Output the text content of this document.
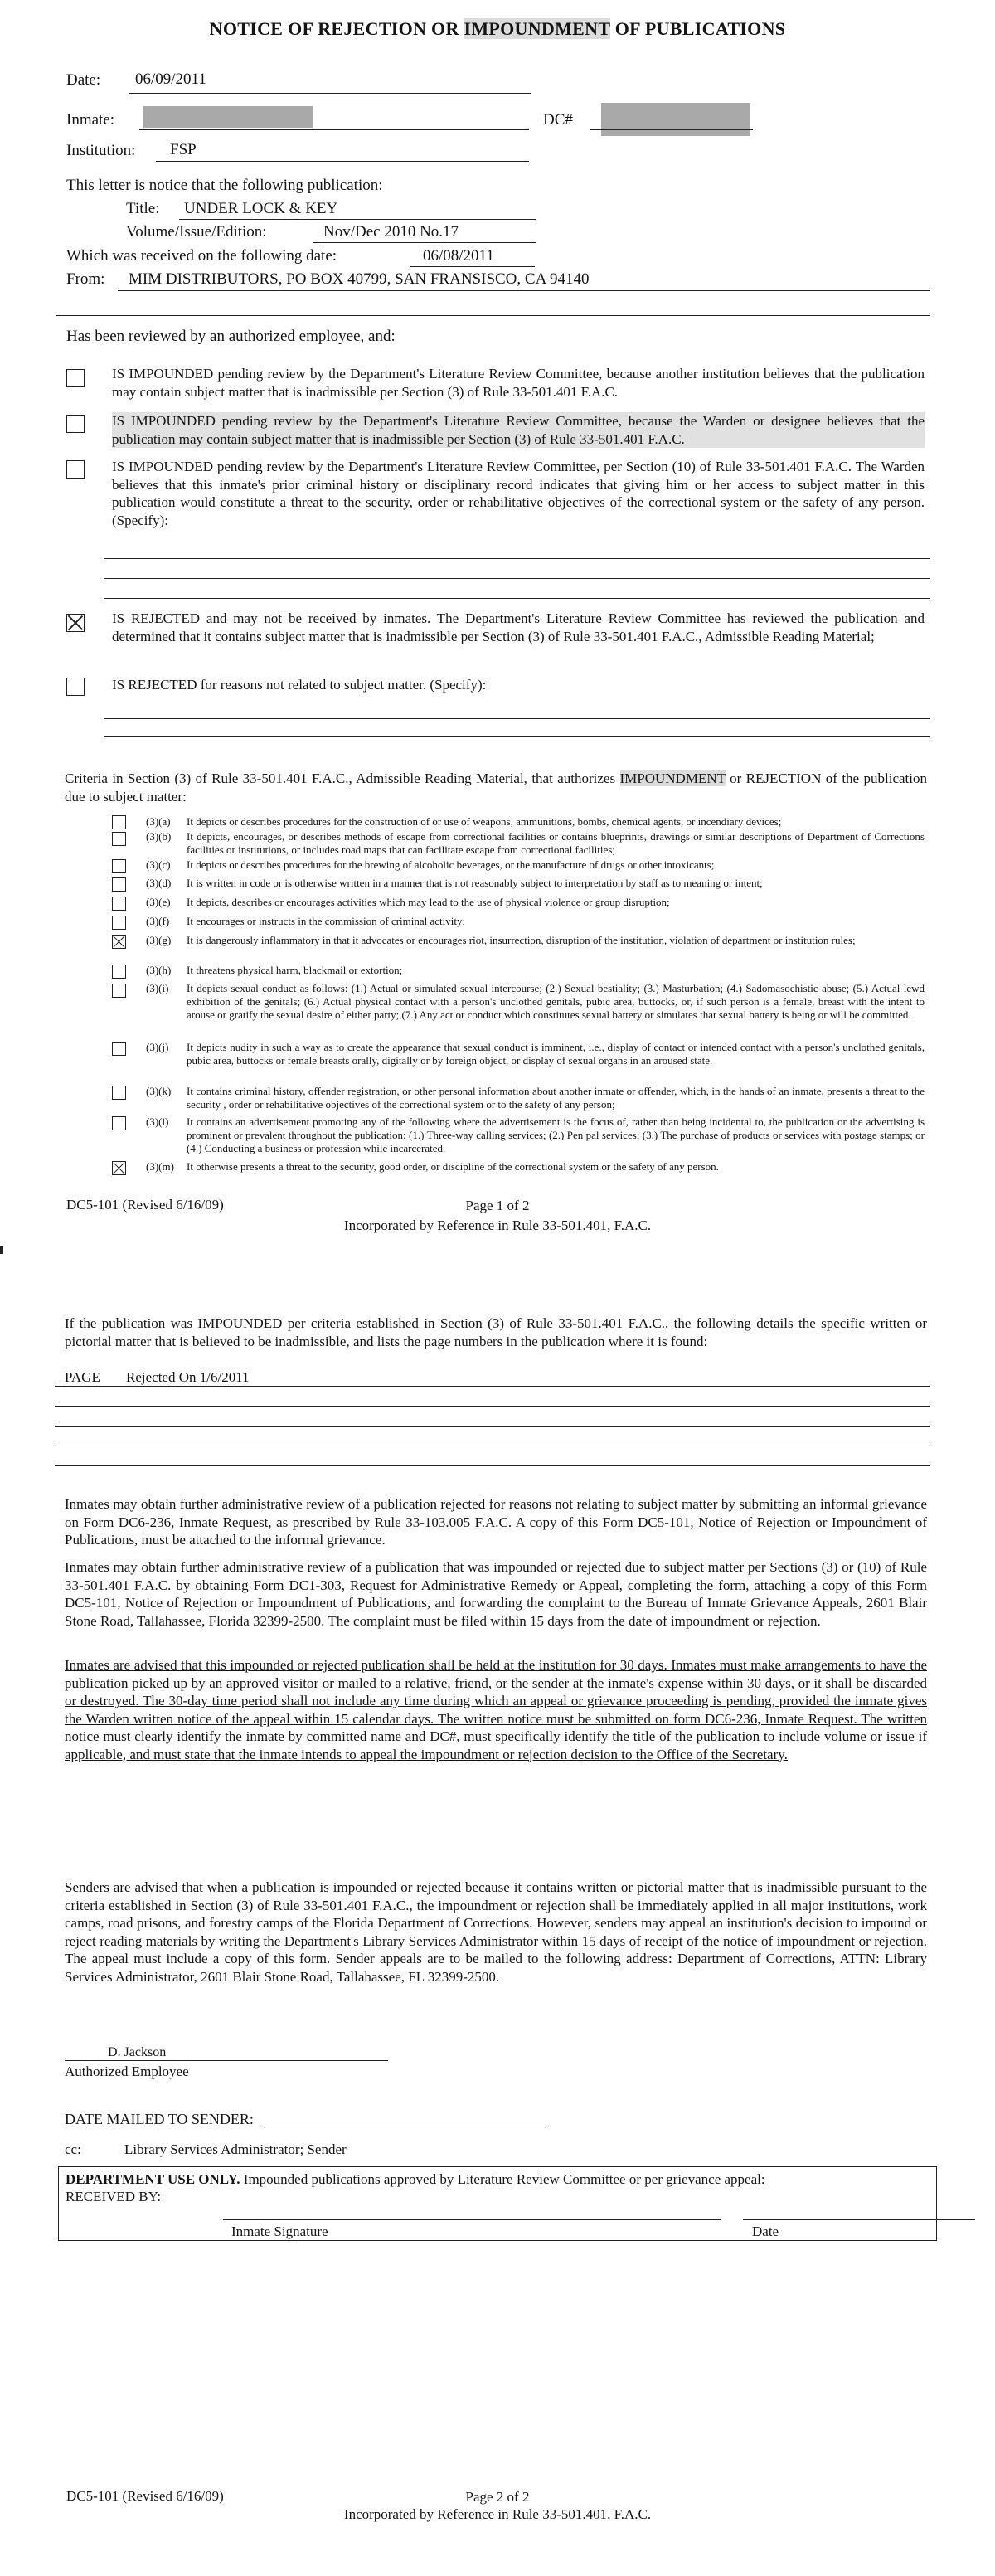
NOTICE OF REJECTION OR IMPOUNDMENT OF PUBLICATIONS
Date: 06/09/2011
Inmate:	DC#
Institution: FSP
This letter is notice that the following publication:
Title: UNDER LOCK & KEY
Volume/Issue/Edition:	Nov/Dec 2010 No.17
Which was received on the following date:	06/08/2011
From: MIM DISTRIBUTORS, PO BOX 40799, SAN FRANSISCO, CA 94140
Has been reviewed by an authorized employee, and:
IS IMPOUNDED pending review by the Department's Literature Review Committee, because another institution believes that the publication may contain subject matter that is inadmissible per Section (3) of Rule 33-501.401 F.A.C.
IS IMPOUNDED pending review by the Department's Literature Review Committee, because the Warden or designee believes that the publication may contain subject matter that is inadmissible per Section (3) of Rule 33-501.401 F.A.C.
IS IMPOUNDED pending review by the Department's Literature Review Committee, per Section (10) of Rule 33-501.401 F.A.C. The Warden believes that this inmate's prior criminal history or disciplinary record indicates that giving him or her access to subject matter in this publication would constitute a threat to the security, order or rehabilitative objectives of the correctional system or the safety of any person. (Specify):
IS REJECTED and may not be received by inmates. The Department's Literature Review Committee has reviewed the publication and determined that it contains subject matter that is inadmissible per Section (3) of Rule 33-501.401 F.A.C., Admissible Reading Material;
IS REJECTED for reasons not related to subject matter. (Specify):
Criteria in Section (3) of Rule 33-501.401 F.A.C., Admissible Reading Material, that authorizes IMPOUNDMENT or REJECTION of the publication due to subject matter:
(3)(a) It depicts or describes procedures for the construction of or use of weapons, ammunitions, bombs, chemical agents, or incendiary devices;
(3)(b) It depicts, encourages, or describes methods of escape from correctional facilities or contains blueprints, drawings or similar descriptions of Department of Corrections facilities or institutions, or includes road maps that can facilitate escape from correctional facilities;
(3)(c) It depicts or describes procedures for the brewing of alcoholic beverages, or the manufacture of drugs or other intoxicants;
(3)(d) It is written in code or is otherwise written in a manner that is not reasonably subject to interpretation by staff as to meaning or intent;
(3)(e) It depicts, describes or encourages activities which may lead to the use of physical violence or group disruption;
(3)(f) It encourages or instructs in the commission of criminal activity;
(3)(g) It is dangerously inflammatory in that it advocates or encourages riot, insurrection, disruption of the institution, violation of department or institution rules;
(3)(h) It threatens physical harm, blackmail or extortion;
(3)(i) It depicts sexual conduct as follows: (1.) Actual or simulated sexual intercourse; (2.) Sexual bestiality; (3.) Masturbation; (4.) Sadomasochistic abuse; (5.) Actual lewd exhibition of the genitals; (6.) Actual physical contact with a person's unclothed genitals, pubic area, buttocks, or, if such person is a female, breast with the intent to arouse or gratify the sexual desire of either party; (7.) Any act or conduct which constitutes sexual battery or simulates that sexual battery is being or will be committed.
(3)(j) It depicts nudity in such a way as to create the appearance that sexual conduct is imminent, i.e., display of contact or intended contact with a person's unclothed genitals, pubic area, buttocks or female breasts orally, digitally or by foreign object, or display of sexual organs in an aroused state.
(3)(k) It contains criminal history, offender registration, or other personal information about another inmate or offender, which, in the hands of an inmate, presents a threat to the security , order or rehabilitative objectives of the correctional system or to the safety of any person;
(3)(l) It contains an advertisement promoting any of the following where the advertisement is the focus of, rather than being incidental to, the publication or the advertising is prominent or prevalent throughout the publication: (1.) Three-way calling services; (2.) Pen pal services; (3.) The purchase of products or services with postage stamps; or (4.) Conducting a business or profession while incarcerated.
(3)(m) It otherwise presents a threat to the security, good order, or discipline of the correctional system or the safety of any person.
DC5-101 (Revised 6/16/09)	Page 1 of 2
Incorporated by Reference in Rule 33-501.401, F.A.C.
If the publication was IMPOUNDED per criteria established in Section (3) of Rule 33-501.401 F.A.C., the following details the specific written or pictorial matter that is believed to be inadmissible, and lists the page numbers in the publication where it is found:
PAGE Rejected On 1/6/2011
Inmates may obtain further administrative review of a publication rejected for reasons not relating to subject matter by submitting an informal grievance on Form DC6-236, Inmate Request, as prescribed by Rule 33-103.005 F.A.C. A copy of this Form DC5-101, Notice of Rejection or Impoundment of Publications, must be attached to the informal grievance.
Inmates may obtain further administrative review of a publication that was impounded or rejected due to subject matter per Sections (3) or (10) of Rule 33-501.401 F.A.C. by obtaining Form DC1-303, Request for Administrative Remedy or Appeal, completing the form, attaching a copy of this Form DC5-101, Notice of Rejection or Impoundment of Publications, and forwarding the complaint to the Bureau of Inmate Grievance Appeals, 2601 Blair Stone Road, Tallahassee, Florida 32399-2500. The complaint must be filed within 15 days from the date of impoundment or rejection.
Inmates are advised that this impounded or rejected publication shall be held at the institution for 30 days. Inmates must make arrangements to have the publication picked up by an approved visitor or mailed to a relative, friend, or the sender at the inmate's expense within 30 days, or it shall be discarded or destroyed. The 30-day time period shall not include any time during which an appeal or grievance proceeding is pending, provided the inmate gives the Warden written notice of the appeal within 15 calendar days. The written notice must be submitted on form DC6-236, Inmate Request. The written notice must clearly identify the inmate by committed name and DC#, must specifically identify the title of the publication to include volume or issue if applicable, and must state that the inmate intends to appeal the impoundment or rejection decision to the Office of the Secretary.
Senders are advised that when a publication is impounded or rejected because it contains written or pictorial matter that is inadmissible pursuant to the criteria established in Section (3) of Rule 33-501.401 F.A.C., the impoundment or rejection shall be immediately applied in all major institutions, work camps, road prisons, and forestry camps of the Florida Department of Corrections. However, senders may appeal an institution's decision to impound or reject reading materials by writing the Department's Library Services Administrator within 15 days of receipt of the notice of impoundment or rejection. The appeal must include a copy of this form. Sender appeals are to be mailed to the following address: Department of Corrections, ATTN: Library Services Administrator, 2601 Blair Stone Road, Tallahassee, FL 32399-2500.
D. Jackson
Authorized Employee
DATE MAILED TO SENDER:
cc:	Library Services Administrator; Sender
DEPARTMENT USE ONLY. Impounded publications approved by Literature Review Committee or per grievance appeal:
RECEIVED BY:
Inmate Signature	Date
DC5-101 (Revised 6/16/09)	Page 2 of 2
Incorporated by Reference in Rule 33-501.401, F.A.C.
